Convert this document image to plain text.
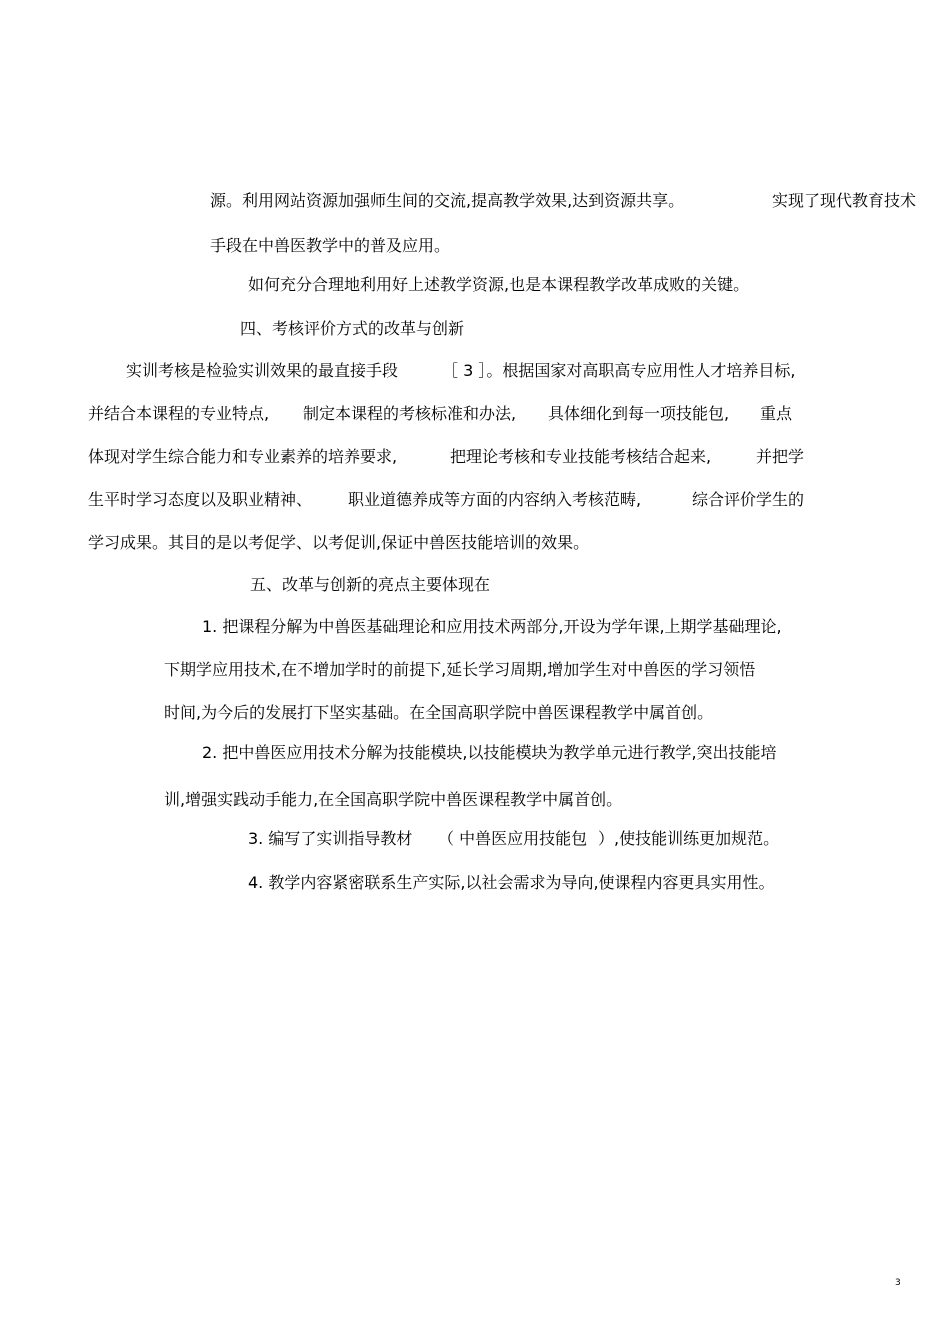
源。利用网站资源加强师生间的交流,提高教学效果,达到资源共享。	实现了现代教育技术
手段在中兽医教学中的普及应用。
如何充分合理地利用好上述教学资源,也是本课程教学改革成败的关键。
四、考核评价方式的改革与创新
实训考核是检验实训效果的最直接手段	［ 3 ］。根据国家对高职高专应用性人才培养目标,
并结合本课程的专业特点, 制定本课程的考核标准和办法, 具体细化到每一项技能包, 重点
体现对学生综合能力和专业素养的培养要求,	把理论考核和专业技能考核结合起来,	并把学
生平时学习态度以及职业精神、 职业道德养成等方面的内容纳入考核范畴,	综合评价学生的
学习成果。其目的是以考促学、以考促训,保证中兽医技能培训的效果。
五、改革与创新的亮点主要体现在
1. 把课程分解为中兽医基础理论和应用技术两部分,开设为学年课,上期学基础理论,
下期学应用技术,在不增加学时的前提下,延长学习周期,增加学生对中兽医的学习领悟
时间,为今后的发展打下坚实基础。在全国高职学院中兽医课程教学中属首创。
2. 把中兽医应用技术分解为技能模块,以技能模块为教学单元进行教学,突出技能培
训,增强实践动手能力,在全国高职学院中兽医课程教学中属首创。
3. 编写了实训指导教材 （ 中兽医应用技能包 ）,使技能训练更加规范。
4. 教学内容紧密联系生产实际,以社会需求为导向,使课程内容更具实用性。
3
